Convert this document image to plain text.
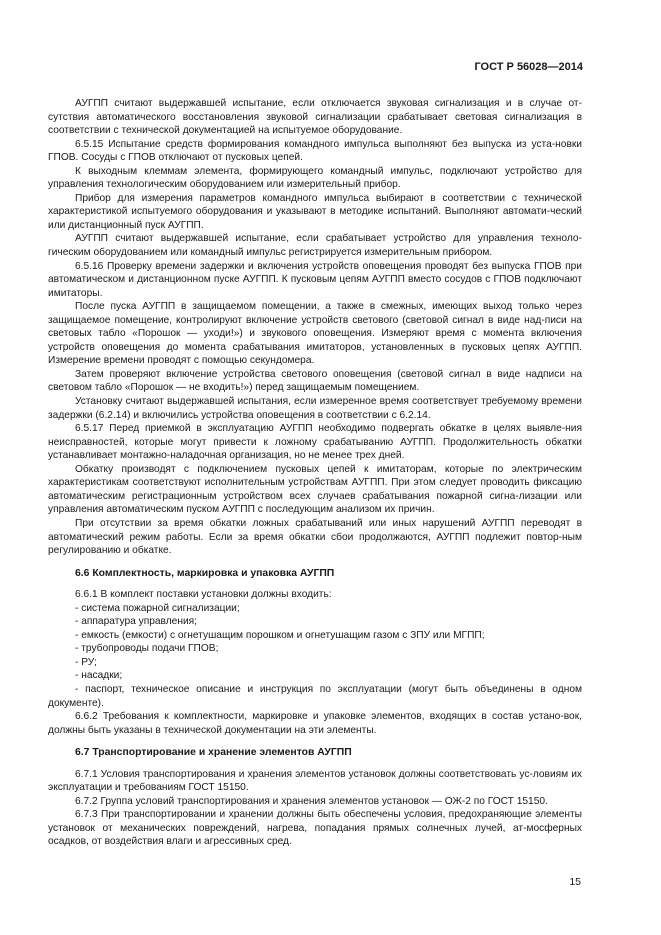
ГОСТ Р 56028—2014

АУГПП считают выдержавшей испытание, если отключается звуковая сигнализация и в случае от-сутствия автоматического восстановления звуковой сигнализации срабатывает световая сигнализация в соответствии с технической документацией на испытуемое оборудование.

6.5.15 Испытание средств формирования командного импульса выполняют без выпуска из уста-новки ГПОВ. Сосуды с ГПОВ отключают от пусковых цепей.

К выходным клеммам элемента, формирующего командный импульс, подключают устройство для управления технологическим оборудованием или измерительный прибор.

Прибор для измерения параметров командного импульса выбирают в соответствии с технической характеристикой испытуемого оборудования и указывают в методике испытаний. Выполняют автомати-ческий или дистанционный пуск АУГПП.

АУГПП считают выдержавшей испытание, если срабатывает устройство для управления техноло-гическим оборудованием или командный импульс регистрируется измерительным прибором.

6.5.16 Проверку времени задержки и включения устройств оповещения проводят без выпуска ГПОВ при автоматическом и дистанционном пуске АУГПП. К пусковым цепям АУГПП вместо сосудов с ГПОВ подключают имитаторы.

После пуска АУГПП в защищаемом помещении, а также в смежных, имеющих выход только через защищаемое помещение, контролируют включение устройств светового (световой сигнал в виде над-писи на световых табло «Порошок — уходи!») и звукового оповещения. Измеряют время с момента включения устройств оповещения до момента срабатывания имитаторов, установленных в пусковых цепях АУГПП. Измерение времени проводят с помощью секундомера.

Затем проверяют включение устройства светового оповещения (световой сигнал в виде надписи на световом табло «Порошок — не входить!») перед защищаемым помещением.

Установку считают выдержавшей испытания, если измеренное время соответствует требуемому времени задержки (6.2.14) и включились устройства оповещения в соответствии с 6.2.14.

6.5.17 Перед приемкой в эксплуатацию АУГПП необходимо подвергать обкатке в целях выявле-ния неисправностей, которые могут привести к ложному срабатыванию АУГПП. Продолжительность обкатки устанавливает монтажно-наладочная организация, но не менее трех дней.

Обкатку производят с подключением пусковых цепей к имитаторам, которые по электрическим характеристикам соответствуют исполнительным устройствам АУГПП. При этом следует проводить фиксацию автоматическим регистрационным устройством всех случаев срабатывания пожарной сигна-лизации или управления автоматическим пуском АУГПП с последующим анализом их причин.

При отсутствии за время обкатки ложных срабатываний или иных нарушений АУГПП переводят в автоматический режим работы. Если за время обкатки сбои продолжаются, АУГПП подлежит повтор-ным регулированию и обкатке.

6.6 Комплектность, маркировка и упаковка АУГПП

6.6.1 В комплект поставки установки должны входить:

- система пожарной сигнализации;

- аппаратура управления;

- емкость (емкости) с огнетушащим порошком и огнетушащим газом с ЗПУ или МГПП;

- трубопроводы подачи ГПОВ;

- РУ;

- насадки;

- паспорт, техническое описание и инструкция по эксплуатации (могут быть объединены в одном документе).

6.6.2 Требования к комплектности, маркировке и упаковке элементов, входящих в состав устано-вок, должны быть указаны в технической документации на эти элементы.

6.7 Транспортирование и хранение элементов АУГПП

6.7.1 Условия транспортирования и хранения элементов установок должны соответствовать ус-ловиям их эксплуатации и требованиям ГОСТ 15150.

6.7.2 Группа условий транспортирования и хранения элементов установок — ОЖ-2 по ГОСТ 15150.

6.7.3 При транспортировании и хранении должны быть обеспечены условия, предохраняющие элементы установок от механических повреждений, нагрева, попадания прямых солнечных лучей, ат-мосферных осадков, от воздействия влаги и агрессивных сред.

15
